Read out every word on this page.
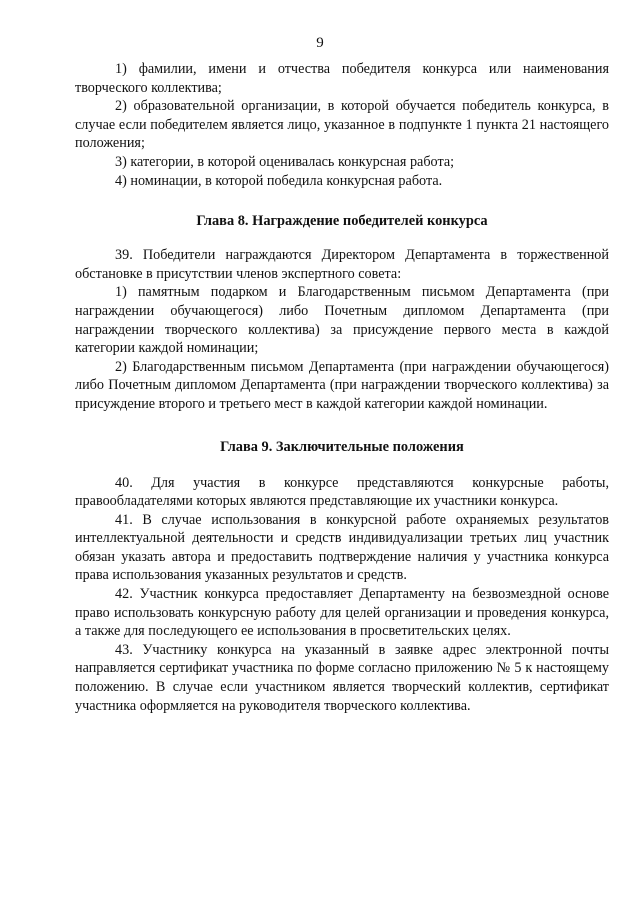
9

1) фамилии, имени и отчества победителя конкурса или наименования творческого коллектива;

2) образовательной организации, в которой обучается победитель конкурса, в случае если победителем является лицо, указанное в подпункте 1 пункта 21 настоящего положения;

3) категории, в которой оценивалась конкурсная работа;

4) номинации, в которой победила конкурсная работа.

Глава 8. Награждение победителей конкурса

39. Победители награждаются Директором Департамента в торжественной обстановке в присутствии членов экспертного совета:

1) памятным подарком и Благодарственным письмом Департамента (при награждении обучающегося) либо Почетным дипломом Департамента (при награждении творческого коллектива) за присуждение первого места в каждой категории каждой номинации;

2) Благодарственным письмом Департамента (при награждении обучающегося) либо Почетным дипломом Департамента (при награждении творческого коллектива) за присуждение второго и третьего мест в каждой категории каждой номинации.

Глава 9. Заключительные положения

40. Для участия в конкурсе представляются конкурсные работы, правообладателями которых являются представляющие их участники конкурса.

41. В случае использования в конкурсной работе охраняемых результатов интеллектуальной деятельности и средств индивидуализации третьих лиц участник обязан указать автора и предоставить подтверждение наличия у участника конкурса права использования указанных результатов и средств.

42. Участник конкурса предоставляет Департаменту на безвозмездной основе право использовать конкурсную работу для целей организации и проведения конкурса, а также для последующего ее использования в просветительских целях.

43. Участнику конкурса на указанный в заявке адрес электронной почты направляется сертификат участника по форме согласно приложению № 5 к настоящему положению. В случае если участником является творческий коллектив, сертификат участника оформляется на руководителя творческого коллектива.
